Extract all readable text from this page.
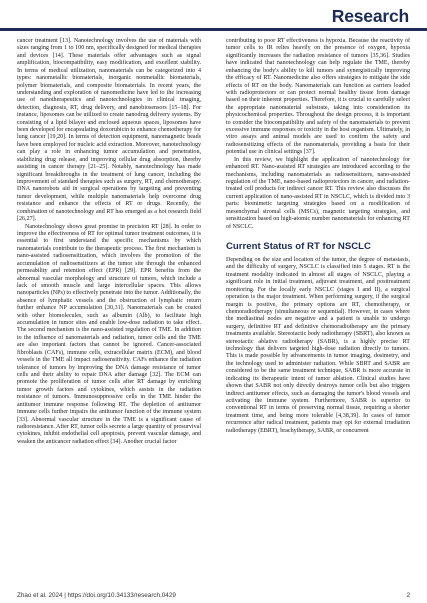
Research

cancer treatment [13]. Nanotechnology involves the use of materials with sizes ranging from 1 to 100 nm, specifically designed for medical therapies and devices [14]. These materials offer advantages such as signal amplification, biocompatibility, easy modification, and excellent stability. In terms of medical utilization, nanomaterials can be categorized into 4 types: nanometallic biomaterials, inorganic nonmetallic biomaterials, polymer biomaterials, and composite biomaterials. In recent years, the understanding and exploration of nanomedicine have led to the increasing use of nanotherapeutics and nanotechnologies in clinical imaging, detection, diagnosis, RT, drug delivery, and nanobiosensors [15–18]. For instance, liposomes can be utilized to create nanodrug delivery systems. By consisting of a lipid bilayer and enclosed aqueous spaces, liposomes have been developed for encapsulating doxorubicin to enhance chemotherapy for lung cancer [19,20]. In terms of detection equipment, nanomagnetic beads have been employed for nucleic acid extraction. Moreover, nanotechnology can play a role in enhancing tumor accumulation and penetration, stabilizing drug release, and improving cellular drug absorption, thereby assisting in cancer therapy [21–25]. Notably, nanotechnology has made significant breakthroughs in the treatment of lung cancer, including the improvement of standard therapies such as surgery, RT, and chemotherapy. DNA nanorobots aid in surgical operations by targeting and preventing tumor development, while multiple nanomaterials help overcome drug resistance and enhance the effects of RT or drugs. Recently, the combination of nanotechnology and RT has emerged as a hot research field [26,27].

Nanotechnology shows great promise in precision RT [28]. In order to improve the effectiveness of RT for optimal tumor treatment outcomes, it is essential to first understand the specific mechanisms by which nanomaterials contribute to the therapeutic process. The first mechanism is nano-assisted radiosensitization, which involves the promotion of the accumulation of radiosensitizers at the tumor site through the enhanced permeability and retention effect (EPR) [29]. EPR benefits from the abnormal vascular morphology and structure of tumors, which include a lack of smooth muscle and large intercellular spaces. This allows nanoparticles (NPs) to effectively penetrate into the tumor. Additionally, the absence of lymphatic vessels and the obstruction of lymphatic return further enhance NP accumulation [30,31]. Nanomaterials can be coated with other biomolecules, such as albumin (Alb), to facilitate high accumulation in tumor sites and enable low-dose radiation to take effect. The second mechanism is the nano-assisted regulation of TME. In addition to the influence of nanomaterials and radiation, tumor cells and the TME are also important factors that cannot be ignored. Cancer-associated fibroblasts (CAFs), immune cells, extracellular matrix (ECM), and blood vessels in the TME all impact radiosensitivity. CAFs enhance the radiation tolerance of tumors by improving the DNA damage resistance of tumor cells and their ability to repair DNA after damage [32]. The ECM can promote the proliferation of tumor cells after RT damage by enriching tumor growth factors and cytokines, which assists in the radiation resistance of tumors. Immunosuppressive cells in the TME hinder the antitumor immune response following RT. The depletion of antitumor immune cells further impairs the antitumor function of the immune system [33]. Abnormal vascular structure in the TME is a significant cause of radioresistance. After RT, tumor cells secrete a large quantity of prosurvival cytokines, inhibit endothelial cell apoptosis, prevent vascular damage, and weaken the anticancer radiation effect [34]. Another crucial factor

contributing to poor RT effectiveness is hypoxia. Because the reactivity of tumor cells to IR relies heavily on the presence of oxygen, hypoxia significantly increases the radiation resistance of tumors [35,36]. Studies have indicated that nanotechnology can help regulate the TME, thereby enhancing the body's ability to kill tumors and synergistically improving the efficacy of RT. Nanomedicine also offers strategies to mitigate the side effects of RT on the body. Nanomaterials can function as carriers loaded with radioprotectors or can protect normal healthy tissue from damage based on their inherent properties. Therefore, it is crucial to carefully select the appropriate nanomaterial substrate, taking into consideration its physicochemical properties. Throughout the design process, it is important to consider the biocompatibility and safety of the nanomaterials to prevent excessive immune responses or toxicity in the host organism. Ultimately, in vitro assays and animal models are used to confirm the safety and radiosensitizing effects of the nanomaterials, providing a basis for their potential use in clinical settings [37].

In this review, we highlight the application of nanotechnology for enhanced RT. Nano-assisted RT strategies are introduced according to the mechanisms, including nanomaterials as radiosensitizers, nano-assisted regulation of the TME, nano-based radioprotectors in cancer, and radiation-treated cell products for indirect cancer RT. This review also discusses the current application of nano-assisted RT in NSCLC, which is divided into 3 parts: biomimetic targeting strategies based on a modification of mesenchymal stromal cells (MSCs), magnetic targeting strategies, and sensitization based on high-atomic number nanomaterials for enhancing RT of NSCLC.

Current Status of RT for NSCLC

Depending on the size and location of the tumor, the degree of metastasis, and the difficulty of surgery, NSCLC is classified into 5 stages. RT is the treatment modality indicated in almost all stages of NSCLC, playing a significant role in initial treatment, adjuvant treatment, and posttreatment monitoring. For the locally early NSCLC (stages I and II), a surgical operation is the major treatment. When performing surgery, if the surgical margin is positive, the primary options are RT, chemotherapy, or chemoradiotherapy (simultaneous or sequential). However, in cases where the mediastinal nodes are negative and a patient is unable to undergo surgery, definitive RT and definitive chemoradiotherapy are the primary treatments available. Stereotactic body radiotherapy (SBRT), also known as stereotactic ablative radiotherapy (SABR), is a highly precise RT technology that delivers targeted high-dose radiation directly to tumors. This is made possible by advancements in tumor imaging, dosimetry, and the technology used to administer radiation. While SBRT and SABR are considered to be the same treatment technique, SABR is more accurate in indicating its therapeutic intent of tumor ablation. Clinical studies have shown that SABR not only directly destroys tumor cells but also triggers indirect antitumor effects, such as damaging the tumor's blood vessels and activating the immune system. Furthermore, SABR is superior to conventional RT in terms of preserving normal tissue, requiring a shorter treatment time, and being more tolerable [4,38,39]. In cases of tumor recurrence after radical treatment, patients may opt for external irradiation radiotherapy (EBRT), brachytherapy, SABR, or concurrent

Zhao et al. 2024 | https://doi.org/10.34133/research.0429	2
